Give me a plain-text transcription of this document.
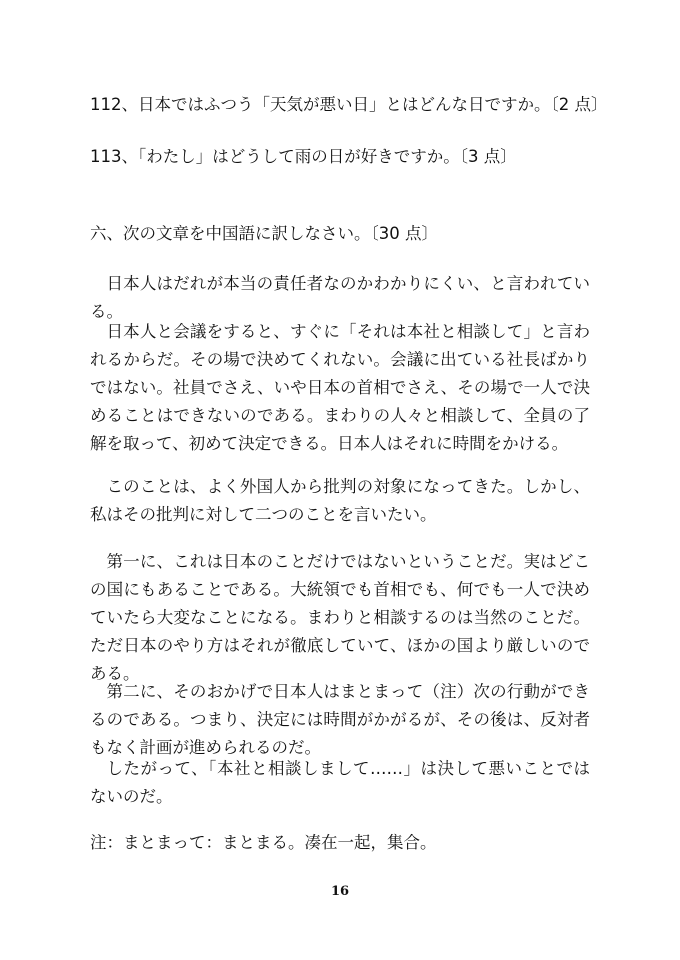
112、日本ではふつう「天気が悪い日」とはどんな日ですか。〔2 点〕

113、「わたし」はどうして雨の日が好きですか。〔3 点〕

六、次の文章を中国語に訳しなさい。〔30 点〕

日本人はだれが本当の責任者なのかわかりにくい、と言われている。

日本人と会議をすると、すぐに「それは本社と相談して」と言われるからだ。その場で決めてくれない。会議に出ている社長ばかりではない。社員でさえ、いや日本の首相でさえ、その場で一人で決めることはできないのである。まわりの人々と相談して、全員の了解を取って、初めて決定できる。日本人はそれに時間をかける。

このことは、よく外国人から批判の対象になってきた。しかし、私はその批判に対して二つのことを言いたい。

第一に、これは日本のことだけではないということだ。実はどこの国にもあることである。大統領でも首相でも、何でも一人で決めていたら大変なことになる。まわりと相談するのは当然のことだ。ただ日本のやり方はそれが徹底していて、ほかの国より厳しいのである。

第二に、そのおかげで日本人はまとまって（注）次の行動ができるのである。つまり、決定には時間がかがるが、その後は、反対者もなく計画が進められるのだ。

したがって、「本社と相談しまして……」は決して悪いことではないのだ。

注：まとまって：まとまる。凑在一起，集合。

16
